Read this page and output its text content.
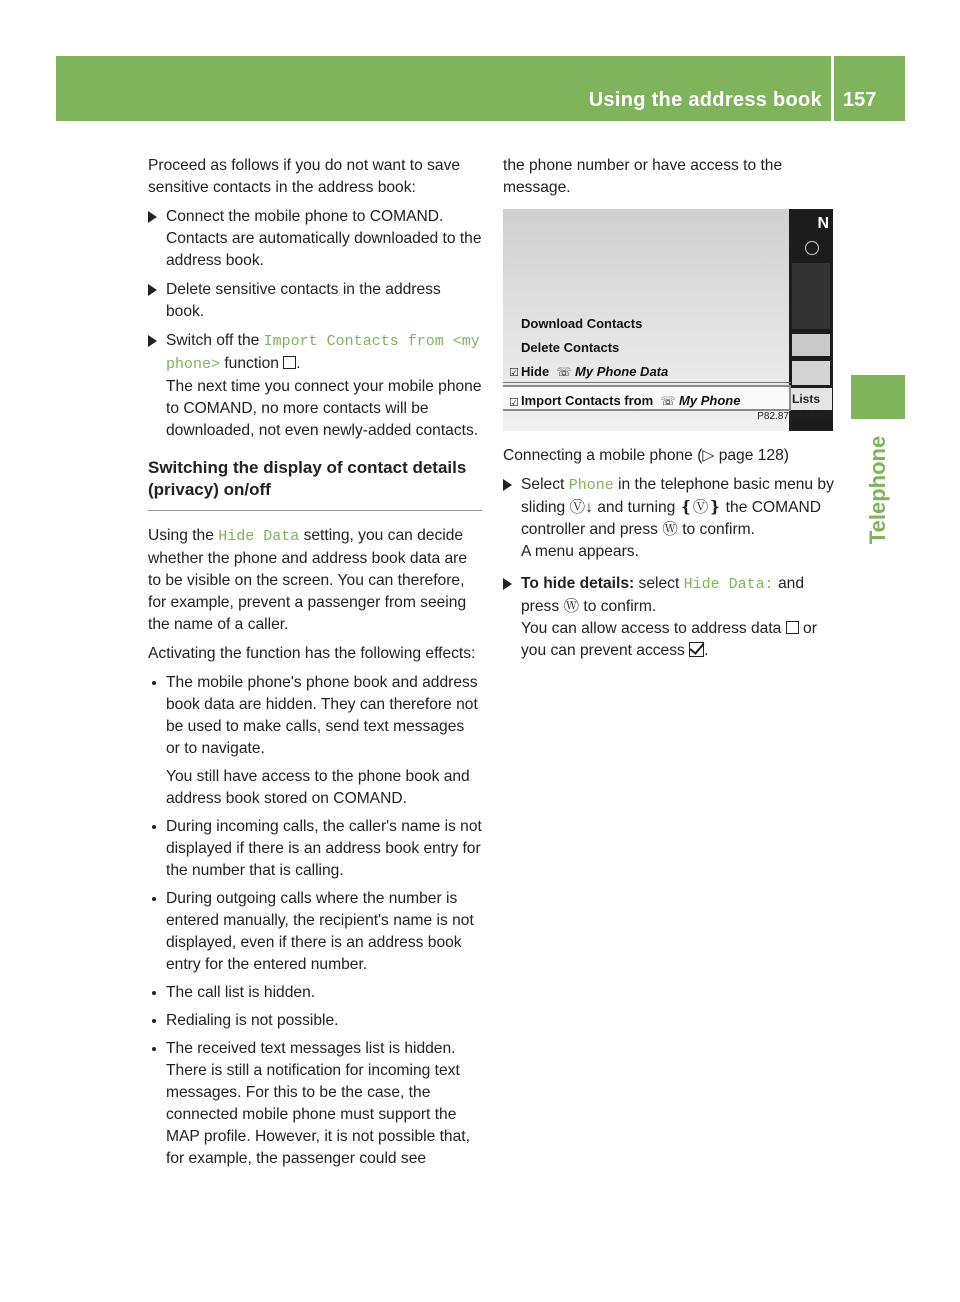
Using the address book 157
Telephone

Proceed as follows if you do not want to save sensitive contacts in the address book:

Connect the mobile phone to COMAND. Contacts are automatically downloaded to the address book.
Delete sensitive contacts in the address book.
Switch off the Import Contacts from <my phone> function .
The next time you connect your mobile phone to COMAND, no more contacts will be downloaded, not even newly-added contacts.
Switching the display of contact details (privacy) on/off

Using the Hide Data setting, you can decide whether the phone and address book data are to be visible on the screen. You can therefore, for example, prevent a passenger from seeing the name of a caller.

Activating the function has the following effects:

The mobile phone's phone book and address book data are hidden. They can therefore not be used to make calls, send text messages or to navigate.
You still have access to the phone book and address book stored on COMAND.
During incoming calls, the caller's name is not displayed if there is an address book entry for the number that is calling.
During outgoing calls where the number is entered manually, the recipient's name is not displayed, even if there is an address book entry for the entered number.
The call list is hidden.
Redialing is not possible.
The received text messages list is hidden. There is still a notification for incoming text messages. For this to be the case, the connected mobile phone must support the MAP profile. However, it is not possible that, for example, the passenger could see

the phone number or have access to the message.

N
Lists
Download Contacts
Delete Contacts
☑ Hide ☏ My Phone Data
☑ Import Contacts from ☏ My Phone
P82.87-8378-31

Connecting a mobile phone (▷ page 128)

Select Phone in the telephone basic menu by sliding Ⓥ↓ and turning ❴Ⓥ❵ the COMAND controller and press Ⓦ to confirm.
A menu appears.
To hide details: select Hide Data: and press Ⓦ to confirm.
You can allow access to address data  or you can prevent access .
